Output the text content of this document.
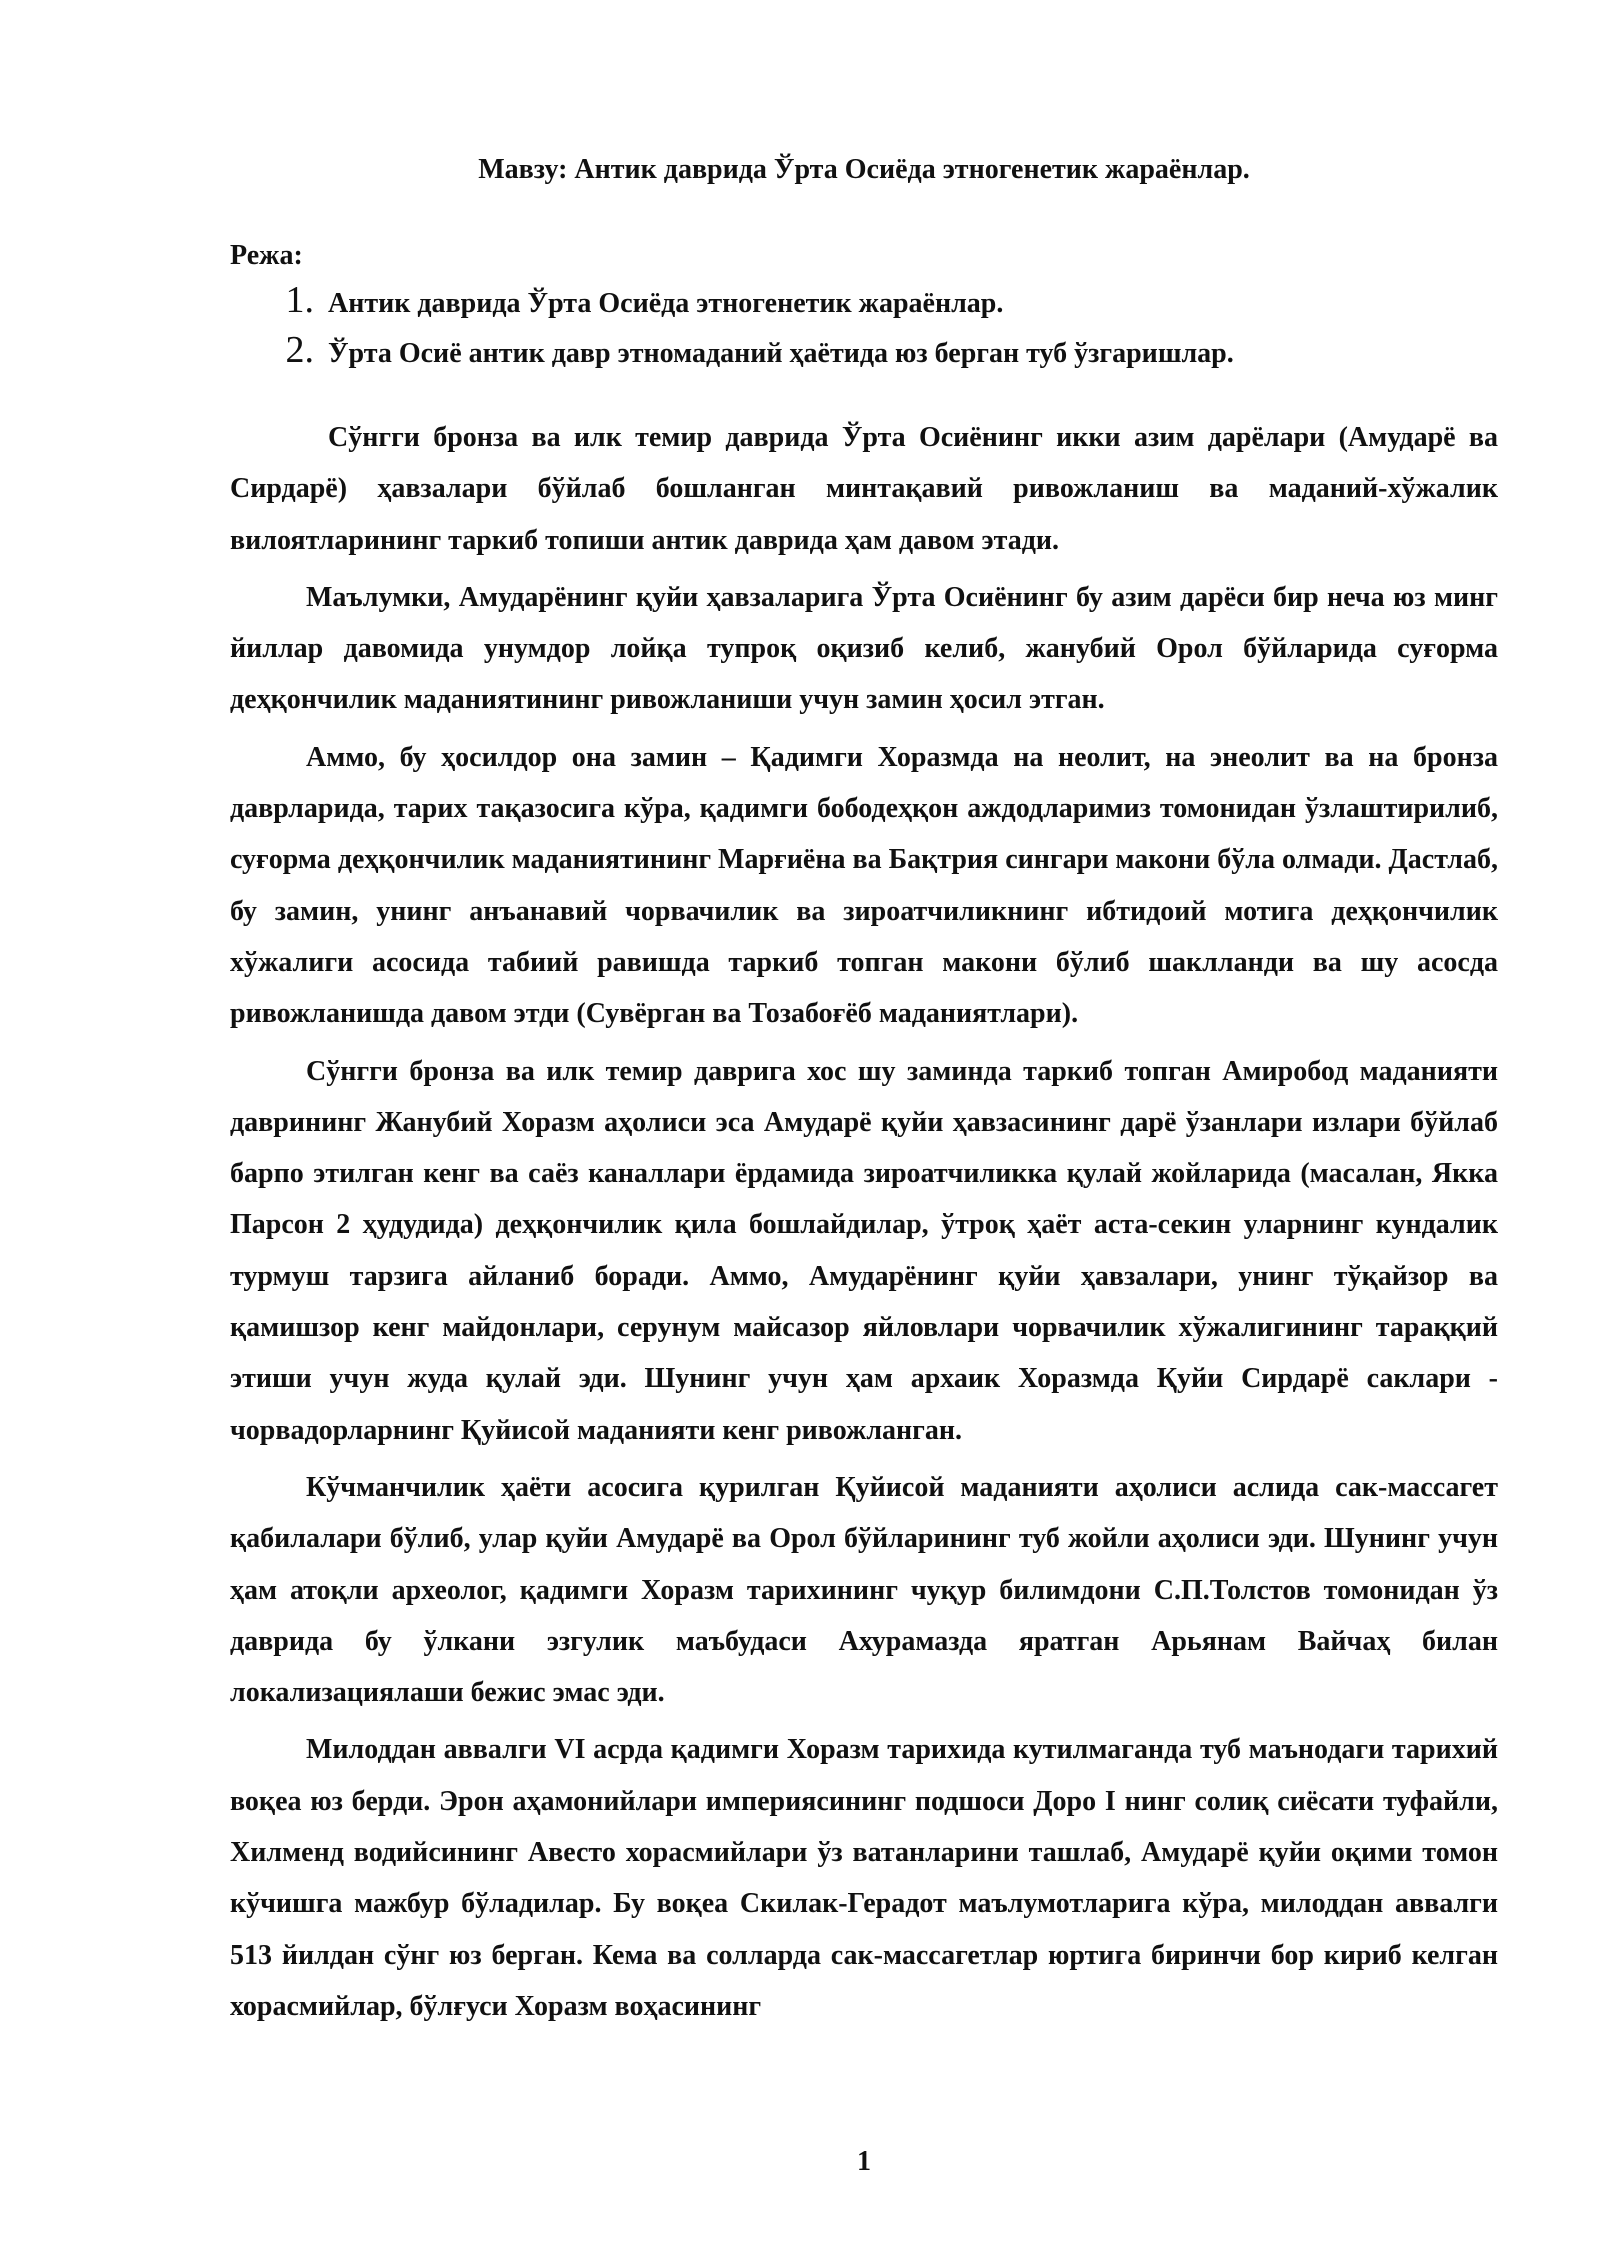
Мавзу: Антик даврида Ўрта Осиёда этногенетик жараёнлар.
Режа:
1. Антик даврида Ўрта Осиёда этногенетик жараёнлар.
2. Ўрта Осиё антик давр этномаданий ҳаётида юз берган туб ўзгаришлар.

Сўнгги бронза ва илк темир даврида Ўрта Осиёнинг икки азим дарёлари (Амударё ва Сирдарё) ҳавзалари бўйлаб бошланган минтақавий ривожланиш ва маданий-хўжалик вилоятларининг таркиб топиши антик даврида ҳам давом этади.

Маълумки, Амударёнинг қуйи ҳавзаларига Ўрта Осиёнинг бу азим дарёси бир неча юз минг йиллар давомида унумдор лойқа тупроқ оқизиб келиб, жанубий Орол бўйларида суғорма деҳқончилик маданиятининг ривожланиши учун замин ҳосил этган.

Аммо, бу ҳосилдор она замин – Қадимги Хоразмда на неолит, на энеолит ва на бронза даврларида, тарих тақазосига кўра, қадимги бободеҳқон аждодларимиз томонидан ўзлаштирилиб, суғорма деҳқончилик маданиятининг Марғиёна ва Бақтрия сингари макони бўла олмади. Дастлаб, бу замин, унинг анъанавий чорвачилик ва зироатчиликнинг ибтидоий мотига деҳқончилик хўжалиги асосида табиий равишда таркиб топган макони бўлиб шаклланди ва шу асосда ривожланишда давом этди (Сувёрган ва Тозабоғёб маданиятлари).

Сўнгги бронза ва илк темир даврига хос шу заминда таркиб топган Амиробод маданияти даврининг Жанубий Хоразм аҳолиси эса Амударё қуйи ҳавзасининг дарё ўзанлари излари бўйлаб барпо этилган кенг ва саёз каналлари ёрдамида зироатчиликка қулай жойларида (масалан, Якка Парсон 2 ҳудудида) деҳқончилик қила бошлайдилар, ўтроқ ҳаёт аста-секин уларнинг кундалик турмуш тарзига айланиб боради. Аммо, Амударёнинг қуйи ҳавзалари, унинг тўқайзор ва қамишзор кенг майдонлари, серунум майсазор яйловлари чорвачилик хўжалигининг тараққий этиши учун жуда қулай эди. Шунинг учун ҳам архаик Хоразмда Қуйи Сирдарё саклари - чорвадорларнинг Қуйисой маданияти кенг ривожланган.

Кўчманчилик ҳаёти асосига қурилган Қуйисой маданияти аҳолиси аслида сак-массагет қабилалари бўлиб, улар қуйи Амударё ва Орол бўйларининг туб жойли аҳолиси эди. Шунинг учун ҳам атоқли археолог, қадимги Хоразм тарихининг чуқур билимдони С.П.Толстов томонидан ўз даврида бу ўлкани эзгулик маъбудаси Ахурамазда яратган Арьянам Вайчаҳ билан локализациялаши бежис эмас эди.

Милоддан аввалги VI асрда қадимги Хоразм тарихида кутилмаганда туб маънодаги тарихий воқеа юз берди. Эрон аҳамонийлари империясининг подшоси Доро I нинг солиқ сиёсати туфайли, Хилменд водийсининг Авесто хорасмийлари ўз ватанларини ташлаб, Амударё қуйи оқими томон кўчишга мажбур бўладилар. Бу воқеа Скилак-Герадот маълумотларига кўра, милоддан аввалги 513 йилдан сўнг юз берган. Кема ва солларда сак-массагетлар юртига биринчи бор кириб келган хорасмийлар, бўлғуси Хоразм воҳасининг

1
